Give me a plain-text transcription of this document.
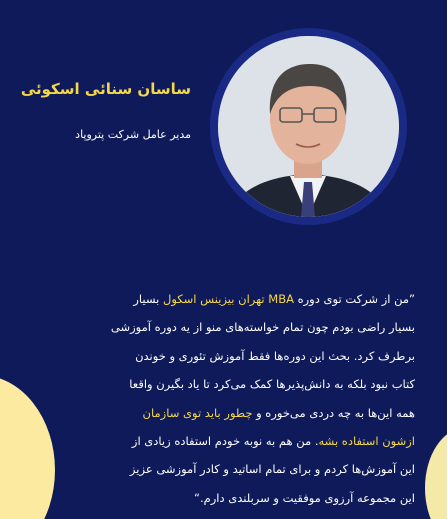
ساسان سنائی اسکوئی
مدیر عامل شرکت پتروپاد
”من از شرکت توی دوره MBA تهران بیزینس اسکول بسیار
بسیار راضی بودم چون تمام خواسته‌های منو از یه دوره آموزشی
برطرف کرد. بحث این دوره‌ها فقط آموزش تئوری و خوندن
کتاب نبود بلکه به دانش‌پذیرها کمک می‌کرد تا یاد بگیرن واقعا
همه این‌ها به چه دردی می‌خوره و چطور باید توی سازمان
ازشون استفاده بشه. من هم به نوبه خودم استفاده زیادی از
این آموزش‌ها کردم و برای تمام اساتید و کادر آموزشی عزیز
این مجموعه آرزوی موفقیت و سربلندی دارم.“
